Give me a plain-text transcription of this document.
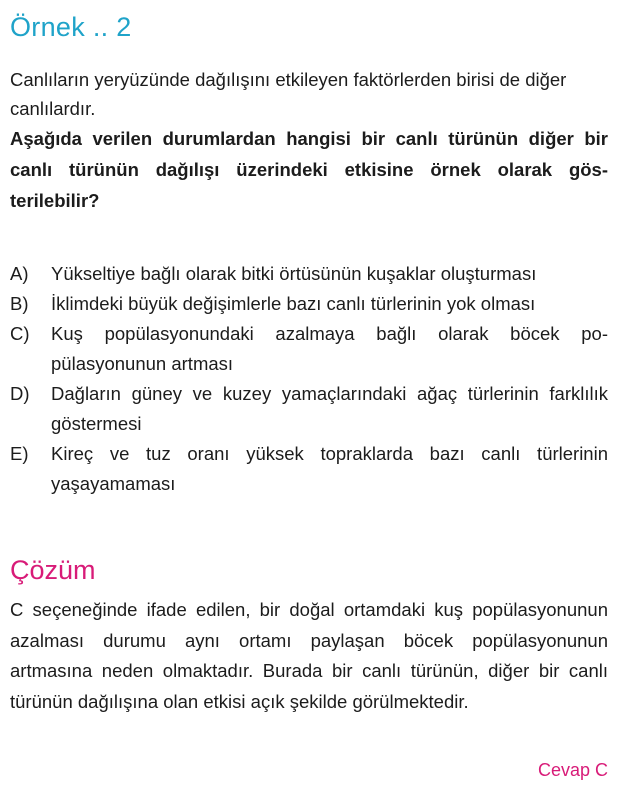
Örnek .. 2

Canlıların yeryüzünde dağılışını etkileyen faktörlerden birisi de diğer canlılardır.

Aşağıda verilen durumlardan hangisi bir canlı türünün diğer bir canlı türünün dağılışı üzerindeki etkisine örnek olarak gösterilebilir?

A)	Yükseltiye bağlı olarak bitki örtüsünün kuşaklar oluşturması
B)	İklimdeki büyük değişimlerle bazı canlı türlerinin yok olması
C)	Kuş popülasyonundaki azalmaya bağlı olarak böcek popülasyonunun artması
D)	Dağların güney ve kuzey yamaçlarındaki ağaç türlerinin farklılık göstermesi
E)	Kireç ve tuz oranı yüksek topraklarda bazı canlı türlerinin yaşayamaması
Çözüm

C seçeneğinde ifade edilen, bir doğal ortamdaki kuş popülasyonunun azalması durumu aynı ortamı paylaşan böcek popülasyonunun artmasına neden olmaktadır. Burada bir canlı türünün, diğer bir canlı türünün dağılışına olan etkisi açık şekilde görülmektedir.

Cevap C
